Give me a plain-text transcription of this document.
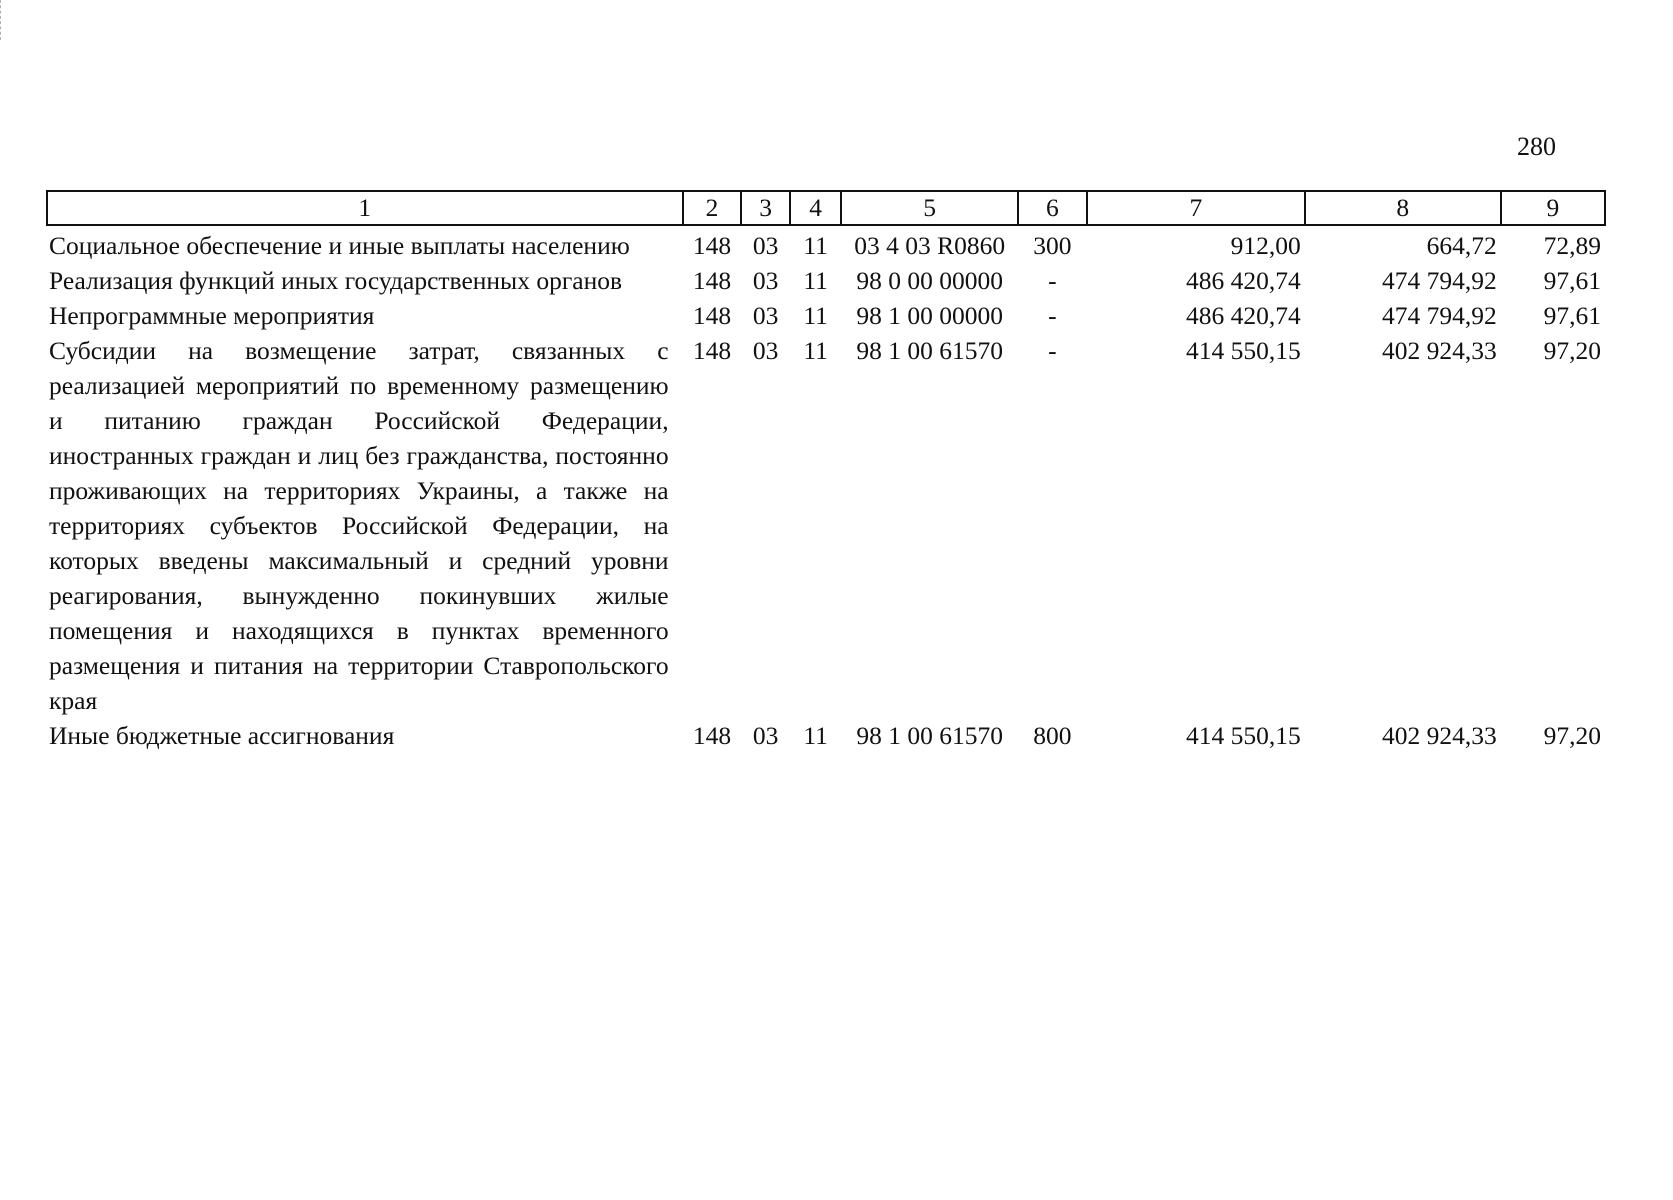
280
1	2	3	4	5	6	7	8	9
Социальное обеспечение и иные выплаты населению	148	03	11	03 4 03 R0860	300	912,00	664,72	72,89
Реализация функций иных государственных органов	148	03	11	98 0 00 00000	-	486 420,74	474 794,92	97,61
Непрограммные мероприятия	148	03	11	98 1 00 00000	-	486 420,74	474 794,92	97,61
Субсидии на возмещение затрат, связанных с реализацией мероприятий по временному размещению и питанию граждан Российской Федерации, иностранных граждан и лиц без гражданства, постоянно проживающих на территориях Украины, а также на территориях субъектов Российской Федерации, на которых введены максимальный и средний уровни реагирования, вынужденно покинувших жилые помещения и находящихся в пунктах временного размещения и питания на территории Ставропольского края	148	03	11	98 1 00 61570	-	414 550,15	402 924,33	97,20
Иные бюджетные ассигнования	148	03	11	98 1 00 61570	800	414 550,15	402 924,33	97,20
